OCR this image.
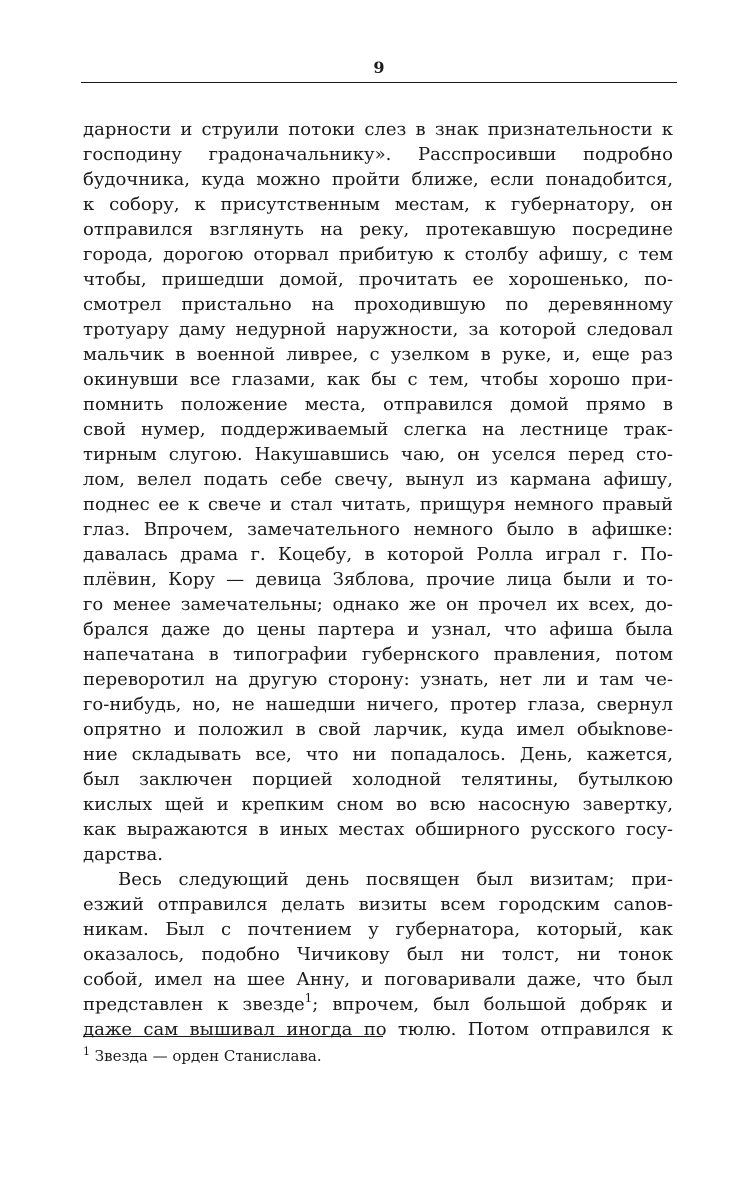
9
дарности и струили потоки слез в знак признательности к
господину градоначальнику». Расспросивши подробно
будочника, куда можно пройти ближе, если понадобится,
к собору, к присутственным местам, к губернатору, он
отправился взглянуть на реку, протекавшую посредине
города, дорогою оторвал прибитую к столбу афишу, с тем
чтобы, пришедши домой, прочитать ее хорошенько, по-
смотрел пристально на проходившую по деревянному
тротуару даму недурной наружности, за которой следовал
мальчик в военной ливрее, с узелком в руке, и, еще раз
окинувши все глазами, как бы с тем, чтобы хорошо при-
помнить положение места, отправился домой прямо в
свой нумер, поддерживаемый слегка на лестнице трак-
тирным слугою. Накушавшись чаю, он уселся перед сто-
лом, велел подать себе свечу, вынул из кармана афишу,
поднес ее к свече и стал читать, прищуря немного правый
глаз. Впрочем, замечательного немного было в афишке:
давалась драма г. Коцебу, в которой Ролла играл г. По-
плёвин, Кору — девица Зяблова, прочие лица были и то-
го менее замечательны; однако же он прочел их всех, до-
брался даже до цены партера и узнал, что афиша была
напечатана в типографии губернского правления, потом
переворотил на другую сторону: узнать, нет ли и там че-
го-нибудь, но, не нашедши ничего, протер глаза, свернул
опрятно и положил в свой ларчик, куда имел обыknове-
ние складывать все, что ни попадалось. День, кажется,
был заключен порцией холодной телятины, бутылкою
кислых щей и крепким сном во всю насосную завертку,
как выражаются в иных местах обширного русского госу-
дарства.
Весь следующий день посвящен был визитам; при-
езжий отправился делать визиты всем городским сanов-
никам. Был с почтением у губернатора, который, как
оказалось, подобно Чичикову был ни толст, ни тонок
собой, имел на шее Анну, и поговаривали даже, что был
представлен к звезде$^1$; впрочем, был большой добряк и
даже сам вышивал иногда по тюлю. Потом отправился к
$^1$ Звезда — орден Станислава.
